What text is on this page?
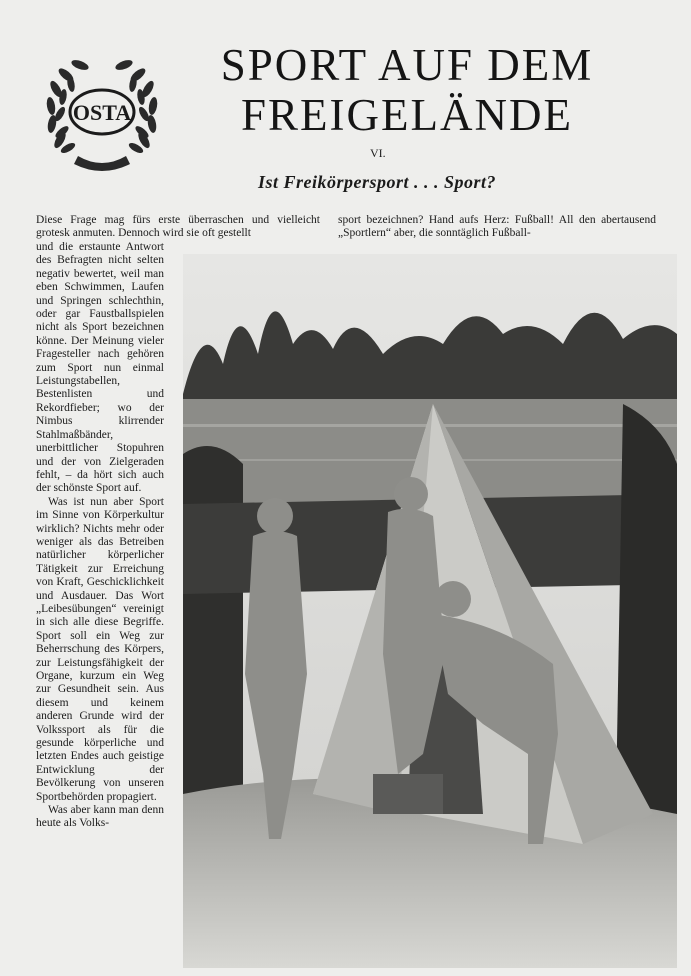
OSTA
SPORT AUF DEM
FREIGELÄNDE
VI.
Ist Freikörpersport . . . Sport?

Diese Frage mag fürs erste überraschen und vielleicht grotesk anmuten. Dennoch wird sie oft gestellt

sport bezeichnen? Hand aufs Herz: Fußball! All den abertausend „Sportlern“ aber, die sonntäglich Fußball-

und die erstaunte Antwort des Befragten nicht selten negativ bewertet, weil man eben Schwimmen, Laufen und Springen schlechthin, oder gar Faustballspielen nicht als Sport bezeichnen könne. Der Meinung vieler Fragesteller nach gehören zum Sport nun einmal Leistungstabellen, Bestenlisten und Rekordfieber; wo der Nimbus klirrender Stahlmaßbänder, unerbittlicher Stopuhren und der von Zielgeraden fehlt, – da hört sich auch der schönste Sport auf.

Was ist nun aber Sport im Sinne von Körperkultur wirklich? Nichts mehr oder weniger als das Betreiben natürlicher körperlicher Tätigkeit zur Erreichung von Kraft, Geschicklichkeit und Ausdauer. Das Wort „Leibesübungen“ vereinigt in sich alle diese Begriffe. Sport soll ein Weg zur Beherrschung des Körpers, zur Leistungsfähigkeit der Organe, kurzum ein Weg zur Gesundheit sein. Aus diesem und keinem anderen Grunde wird der Volkssport als für die gesunde körperliche und letzten Endes auch geistige Entwicklung der Bevölkerung von unseren Sportbehörden propagiert.

Was aber kann man denn heute als Volks-
